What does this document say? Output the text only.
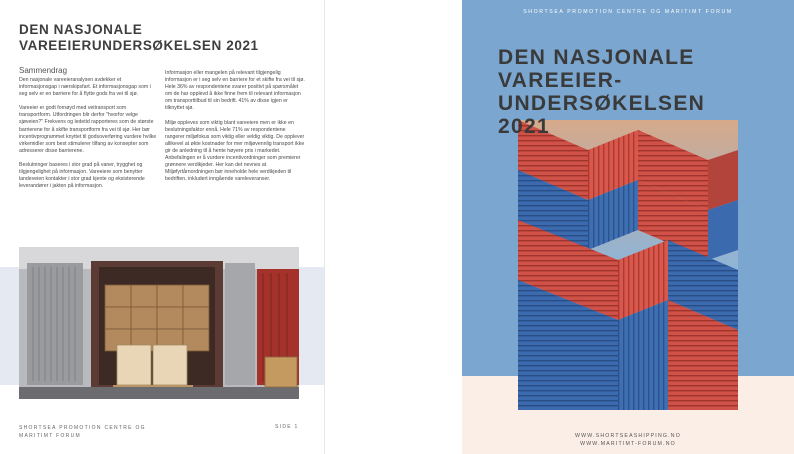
DEN NASJONALE
VAREEIERUNDERSØKELSEN 2021
Sammendrag

Den nasjonale vareeieranalysen avdekker et informasjonsgap i nærskipsfart. Et informasjonsgap som i seg selv er en barriere for å flytte gods fra vei til sjø.

Vareeier er godt fornøyd med veitransport som transportform. Utfordringen blir derfor "hvorfor velge sjøveien?" Frekvens og ledetid rapporteres som de største barrierene for å skifte transportform fra vei til sjø. Her bør incentivprogrammet knyttet til godsoverføring vurdere hvilke virkemidler som best stimulerer tilfang av konsepter som adresserer disse barrierene.

Beslutninger baseres i stor grad på vaner, trygghet og tilgjengelighet på informasjon. Vareeiere som benytter landeveien kontakter i stor grad kjente og eksisterende leverandører i jakten på informasjon.

Informasjon eller mangelen på relevant tilgjengelig informasjon er i seg selv en barriere for et skifte fra vei til sjø. Hele 36% av respondentene svarer positivt på spørsmålet om de har opplevd å ikke finne frem til relevant informasjon om transporttilbud til sin bedrift. 41% av disse igjen er tilknyttet sjø.

Miljø oppleves som viktig blant vareeiere men er ikke en beslutningsfaktor ennå. Hele 71% av respondentene rangerer miljøfokus som viktig eller veldig viktig. De opplever allikevel at økte kostnader for mer miljøvennlig transport ikke gir de anledning til å hente høyere pris i markedet. Anbefalingen er å vurdere incentivordninger som premierer grønnere verdikjeder. Her kan det nevnes at Miljøfyrtårnordningen bør inneholde hele verdikjeden til bedriften, inkludert inngående vareleveranser.

SHORTSEA PROMOTION CENTRE OG
MARITIMT FORUM
SIDE 1
SHORTSEA PROMOTION CENTRE OG MARITIMT FORUM
DEN NASJONALE
VAREEIER-
UNDERSØKELSEN
2021
WWW.SHORTSEASHIPPING.NO
WWW.MARITIMT-FORUM.NO
